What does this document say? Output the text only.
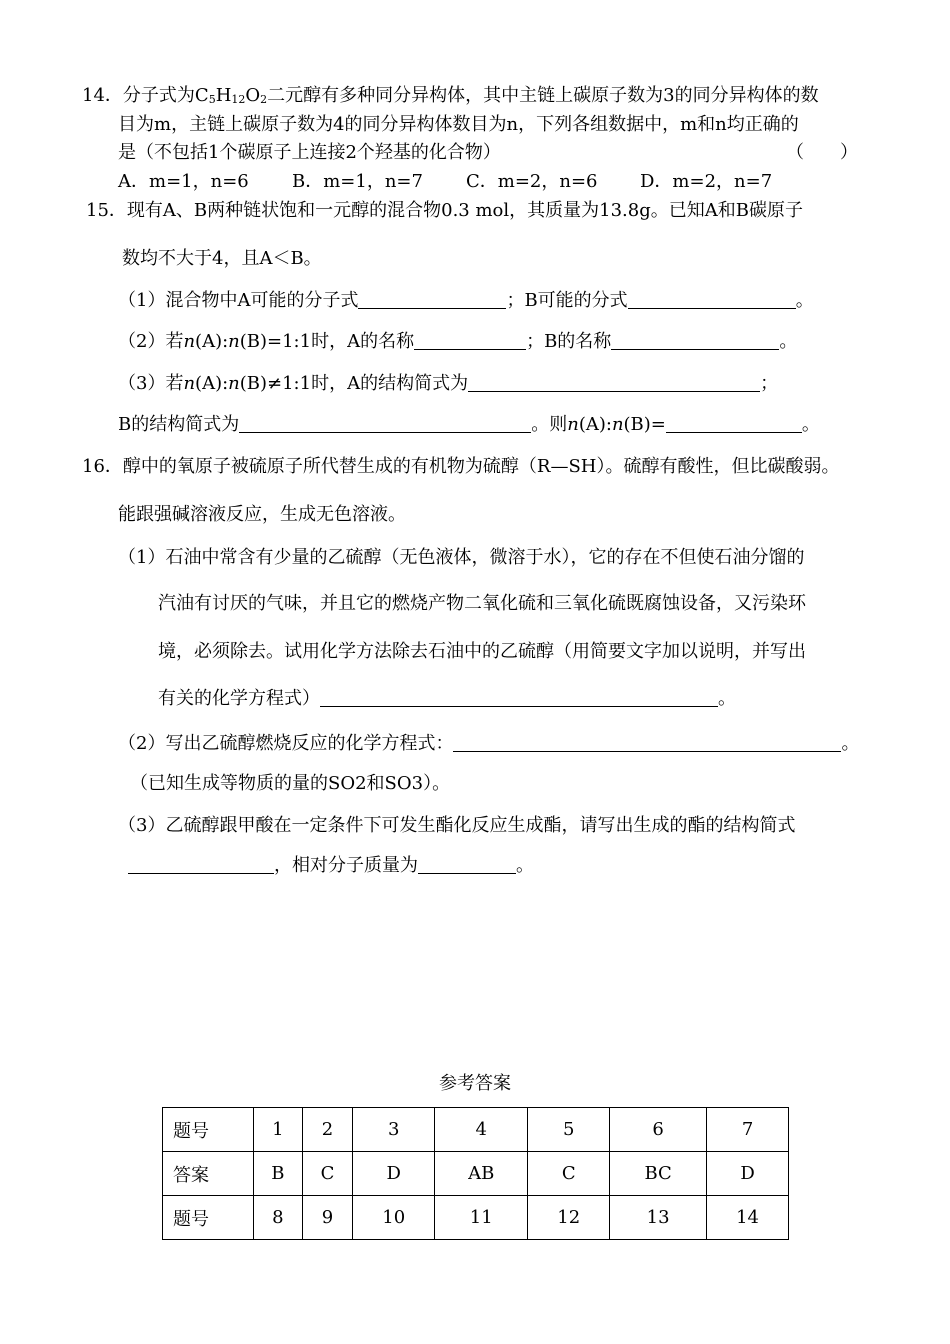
14．分子式为$C_5H_{12}O_2$二元醇有多种同分异构体，其中主链上碳原子数为3的同分异构体的数
目为m，主链上碳原子数为4的同分异构体数目为n，下列各组数据中，m和n均正确的
是（不包括1个碳原子上连接2个羟基的化合物）	（　　）
A．m=1，n=6 B．m=1，n=7 C．m=2，n=6 D．m=2，n=7
15．现有A、B两种链状饱和一元醇的混合物0.3 mol，其质量为13.8g。已知A和B碳原子
数均不大于4，且A＜B。
（1）混合物中A可能的分子式	；B可能的分式	。
（2）若n(A):n(B)=1:1时，A的名称	；B的名称	。
（3）若n(A):n(B)≠1:1时，A的结构简式为	；
B的结构简式为	。则n(A):n(B)=	。
16．醇中的氧原子被硫原子所代替生成的有机物为硫醇（R—SH）。硫醇有酸性，但比碳酸弱。
能跟强碱溶液反应，生成无色溶液。
（1）石油中常含有少量的乙硫醇（无色液体，微溶于水），它的存在不但使石油分馏的
汽油有讨厌的气味，并且它的燃烧产物二氧化硫和三氧化硫既腐蚀设备，又污染环
境，必须除去。试用化学方法除去石油中的乙硫醇（用简要文字加以说明，并写出
有关的化学方程式）	。
（2）写出乙硫醇燃烧反应的化学方程式：	。
（已知生成等物质的量的SO2和SO3）。
（3）乙硫醇跟甲酸在一定条件下可发生酯化反应生成酯，请写出生成的酯的结构简式
，相对分子质量为	。
参考答案
题号	1	2	3	4	5	6	7
答案	B	C	D	AB	C	BC	D
题号	8	9	10	11	12	13	14
